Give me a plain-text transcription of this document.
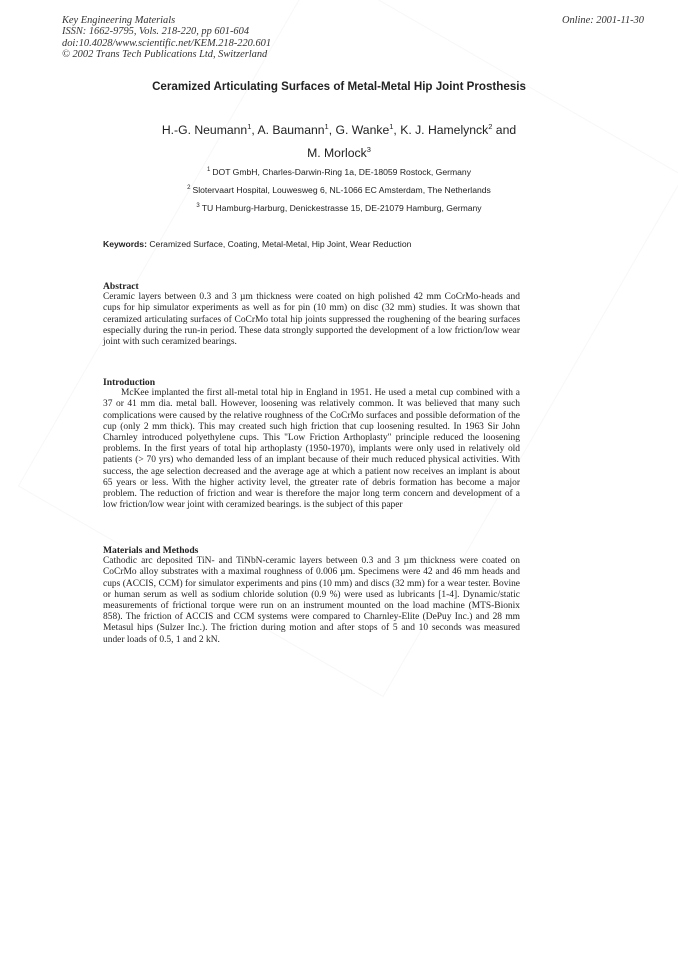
Key Engineering Materials
ISSN: 1662-9795, Vols. 218-220, pp 601-604
doi:10.4028/www.scientific.net/KEM.218-220.601
© 2002 Trans Tech Publications Ltd, Switzerland
Online: 2001-11-30
Ceramized Articulating Surfaces of Metal-Metal Hip Joint Prosthesis
H.-G. Neumann$^1$, A. Baumann$^1$, G. Wanke$^1$, K. J. Hamelynck$^2$ and
M. Morlock$^3$
$^1$ DOT GmbH, Charles-Darwin-Ring 1a, DE-18059 Rostock, Germany
$^2$ Slotervaart Hospital, Louwesweg 6, NL-1066 EC Amsterdam, The Netherlands
$^3$ TU Hamburg-Harburg, Denickestrasse 15, DE-21079 Hamburg, Germany
Keywords: Ceramized Surface, Coating, Metal-Metal, Hip Joint, Wear Reduction
Abstract

Ceramic layers between 0.3 and 3 µm thickness were coated on high polished 42 mm CoCrMo-heads and cups for hip simulator experiments as well as for pin (10 mm) on disc (32 mm) studies. It was shown that ceramized articulating surfaces of CoCrMo total hip joints suppressed the roughening of the bearing surfaces especially during the run-in period. These data strongly supported the development of a low friction/low wear joint with such ceramized bearings.

Introduction

McKee implanted the first all-metal total hip in England in 1951. He used a metal cup combined with a 37 or 41 mm dia. metal ball. However, loosening was relatively common. It was believed that many such complications were caused by the relative roughness of the CoCrMo surfaces and possible deformation of the cup (only 2 mm thick). This may created such high friction that cup loosening resulted. In 1963 Sir John Charnley introduced polyethylene cups. This "Low Friction Arthoplasty" principle reduced the loosening problems. In the first years of total hip arthoplasty (1950-1970), implants were only used in relatively old patients (> 70 yrs) who demanded less of an implant because of their much reduced physical activities. With success, the age selection decreased and the average age at which a patient now receives an implant is about 65 years or less. With the higher activity level, the gtreater rate of debris formation has become a major problem. The reduction of friction and wear is therefore the major long term concern and development of a low friction/low wear joint with ceramized bearings. is the subject of this paper

Materials and Methods

Cathodic arc deposited TiN- and TiNbN-ceramic layers between 0.3 and 3 µm thickness were coated on CoCrMo alloy substrates with a maximal roughness of 0.006 µm. Specimens were 42 and 46 mm heads and cups (ACCIS, CCM) for simulator experiments and pins (10 mm) and discs (32 mm) for a wear tester. Bovine or human serum as well as sodium chloride solution (0.9 %) were used as lubricants [1-4]. Dynamic/static measurements of frictional torque were run on an instrument mounted on the load machine (MTS-Bionix 858). The friction of ACCIS and CCM systems were compared to Charnley-Elite (DePuy Inc.) and 28 mm Metasul hips (Sulzer Inc.). The friction during motion and after stops of 5 and 10 seconds was measured under loads of 0.5, 1 and 2 kN.
